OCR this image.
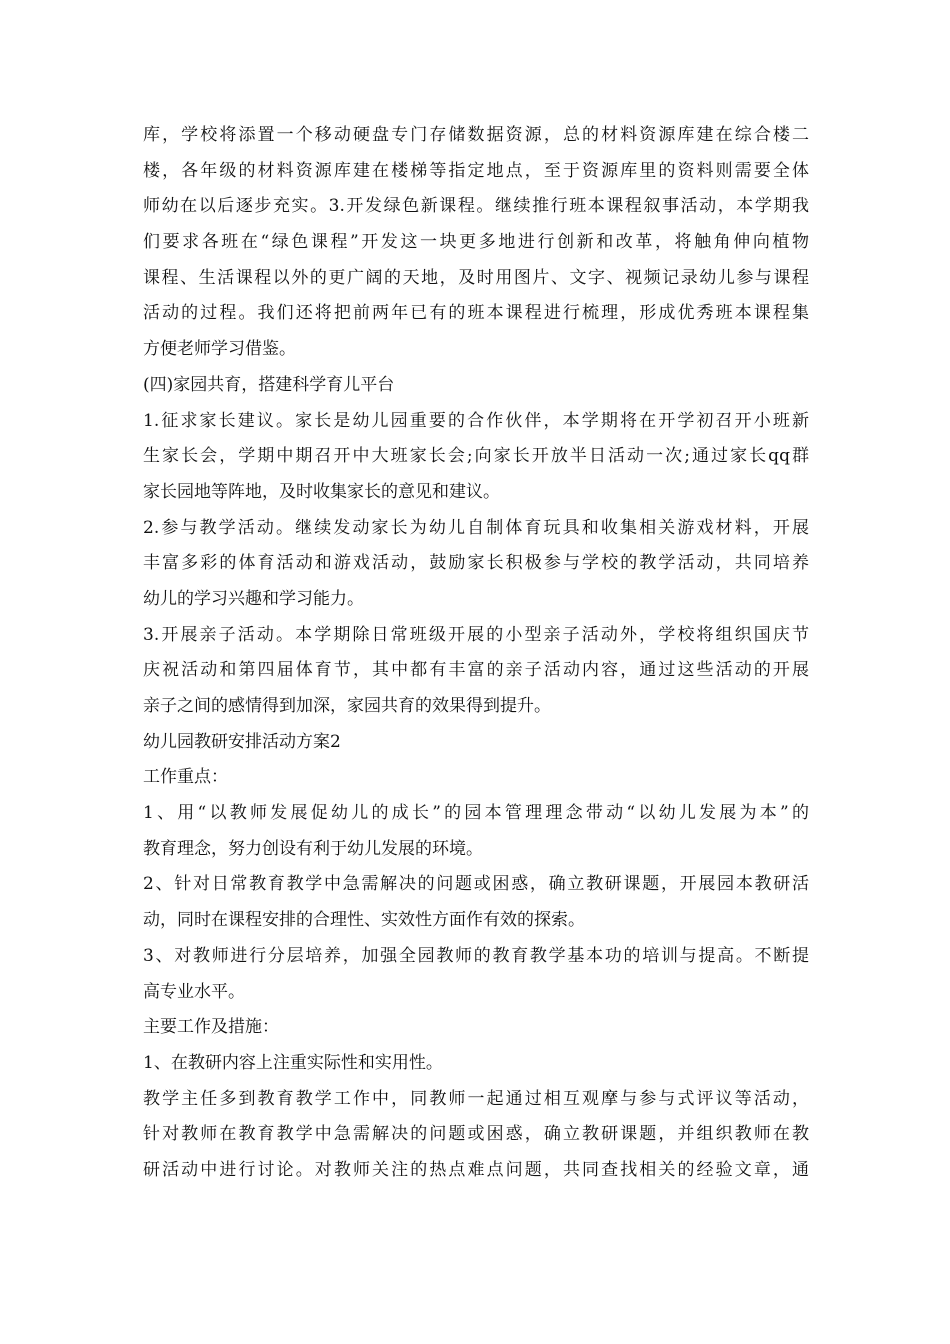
库，学校将添置一个移动硬盘专门存储数据资源，总的材料资源库建在综合楼二
楼，各年级的材料资源库建在楼梯等指定地点，至于资源库里的资料则需要全体
师幼在以后逐步充实。3.开发绿色新课程。继续推行班本课程叙事活动，本学期我
们要求各班在“绿色课程”开发这一块更多地进行创新和改革，将触角伸向植物
课程、生活课程以外的更广阔的天地，及时用图片、文字、视频记录幼儿参与课程
活动的过程。我们还将把前两年已有的班本课程进行梳理，形成优秀班本课程集
方便老师学习借鉴。
(四)家园共育，搭建科学育儿平台
1.征求家长建议。家长是幼儿园重要的合作伙伴，本学期将在开学初召开小班新
生家长会，学期中期召开中大班家长会;向家长开放半日活动一次;通过家长qq群
家长园地等阵地，及时收集家长的意见和建议。
2.参与教学活动。继续发动家长为幼儿自制体育玩具和收集相关游戏材料，开展
丰富多彩的体育活动和游戏活动，鼓励家长积极参与学校的教学活动，共同培养
幼儿的学习兴趣和学习能力。
3.开展亲子活动。本学期除日常班级开展的小型亲子活动外，学校将组织国庆节
庆祝活动和第四届体育节，其中都有丰富的亲子活动内容，通过这些活动的开展
亲子之间的感情得到加深，家园共育的效果得到提升。
幼儿园教研安排活动方案2
工作重点：
1、用“以教师发展促幼儿的成长”的园本管理理念带动“以幼儿发展为本”的
教育理念，努力创设有利于幼儿发展的环境。
2、针对日常教育教学中急需解决的问题或困惑，确立教研课题，开展园本教研活
动，同时在课程安排的合理性、实效性方面作有效的探索。
3、对教师进行分层培养，加强全园教师的教育教学基本功的培训与提高。不断提
高专业水平。
主要工作及措施：
1、在教研内容上注重实际性和实用性。
教学主任多到教育教学工作中，同教师一起通过相互观摩与参与式评议等活动，
针对教师在教育教学中急需解决的问题或困惑，确立教研课题，并组织教师在教
研活动中进行讨论。对教师关注的热点难点问题，共同查找相关的经验文章，通
